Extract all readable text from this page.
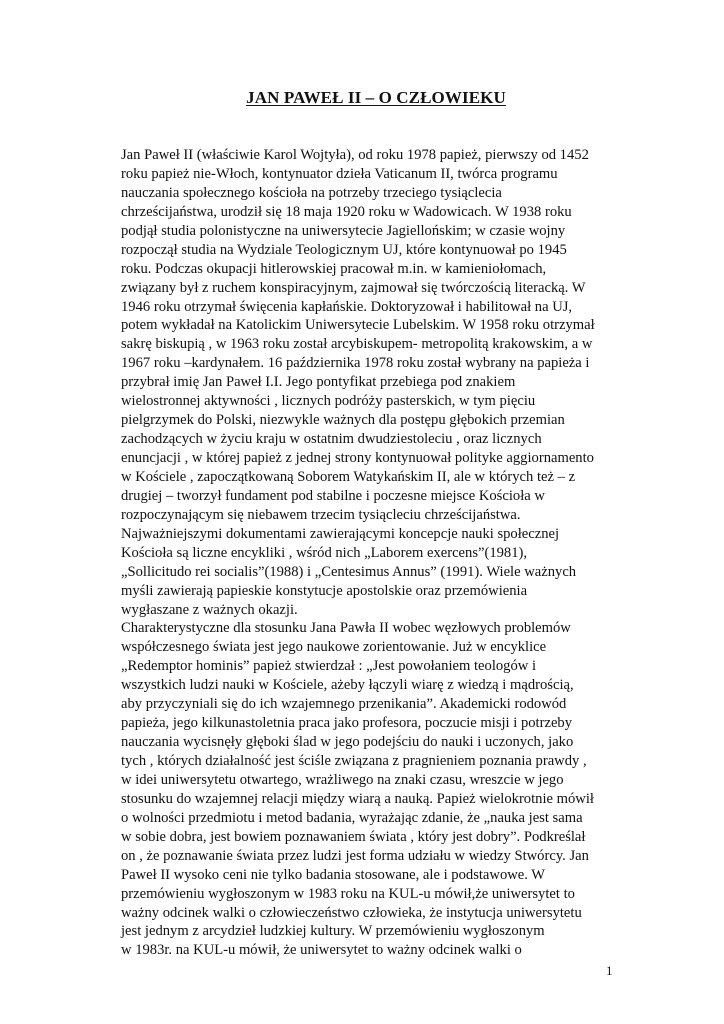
JAN PAWEŁ II – O CZŁOWIEKU
Jan Paweł II (właściwie Karol Wojtyła), od roku 1978 papież, pierwszy od 1452
roku papież nie-Włoch, kontynuator dzieła Vaticanum II, twórca programu
nauczania społecznego kościoła na potrzeby trzeciego tysiąclecia
chrześcijaństwa, urodził się 18 maja 1920 roku w Wadowicach. W 1938 roku
podjął studia polonistyczne na uniwersytecie Jagiellońskim; w czasie wojny
rozpoczął studia na Wydziale Teologicznym UJ, które kontynuował po 1945
roku. Podczas okupacji hitlerowskiej pracował m.in. w kamieniołomach,
związany był z ruchem konspiracyjnym, zajmował się twórczością literacką. W
1946 roku otrzymał święcenia kapłańskie. Doktoryzował i habilitował na UJ,
potem wykładał na Katolickim Uniwersytecie Lubelskim. W 1958 roku otrzymał
sakrę biskupią , w 1963 roku został arcybiskupem- metropolitą krakowskim, a w
1967 roku –kardynałem. 16 października 1978 roku został wybrany na papieża i
przybrał imię Jan Paweł I.I. Jego pontyfikat przebiega pod znakiem
wielostronnej aktywności , licznych podróży pasterskich, w tym pięciu
pielgrzymek do Polski, niezwykle ważnych dla postępu głębokich przemian
zachodzących w życiu kraju w ostatnim dwudziestoleciu , oraz licznych
enuncjacji , w której papież z jednej strony kontynuował polityke aggiornamento
w Kościele , zapoczątkowaną Soborem Watykańskim II, ale w których też – z
drugiej – tworzył fundament pod stabilne i poczesne miejsce Kościoła w
rozpoczynającym się niebawem trzecim tysiącleciu chrześcijaństwa.
Najważniejszymi dokumentami zawierającymi koncepcje nauki społecznej
Kościoła są liczne encykliki , wśród nich „Laborem exercens”(1981),
„Sollicitudo rei socialis”(1988) i „Centesimus Annus” (1991). Wiele ważnych
myśli zawierają papieskie konstytucje apostolskie oraz przemówienia
wygłaszane z ważnych okazji.
Charakterystyczne dla stosunku Jana Pawła II wobec węzłowych problemów
współczesnego świata jest jego naukowe zorientowanie. Już w encyklice
„Redemptor hominis” papież stwierdzał : „Jest powołaniem teologów i
wszystkich ludzi nauki w Kościele, ażeby łączyli wiarę z wiedzą i mądrością,
aby przyczyniali się do ich wzajemnego przenikania”. Akademicki rodowód
papieża, jego kilkunastoletnia praca jako profesora, poczucie misji i potrzeby
nauczania wycisnęły głęboki ślad w jego podejściu do nauki i uczonych, jako
tych , których działalność jest ściśle związana z pragnieniem poznania prawdy ,
w idei uniwersytetu otwartego, wrażliwego na znaki czasu, wreszcie w jego
stosunku do wzajemnej relacji między wiarą a nauką. Papież wielokrotnie mówił
o wolności przedmiotu i metod badania, wyrażając zdanie, że „nauka jest sama
w sobie dobra, jest bowiem poznawaniem świata , który jest dobry”. Podkreślał
on , że poznawanie świata przez ludzi jest forma udziału w wiedzy Stwórcy. Jan
Paweł II wysoko ceni nie tylko badania stosowane, ale i podstawowe. W
przemówieniu wygłoszonym w 1983 roku na KUL-u mówił,że uniwersytet to
ważny odcinek walki o człowieczeństwo człowieka, że instytucja uniwersytetu
jest jednym z arcydzieł ludzkiej kultury. W przemówieniu wygłoszonym
w 1983r. na KUL-u mówił, że uniwersytet to ważny odcinek walki o
1
